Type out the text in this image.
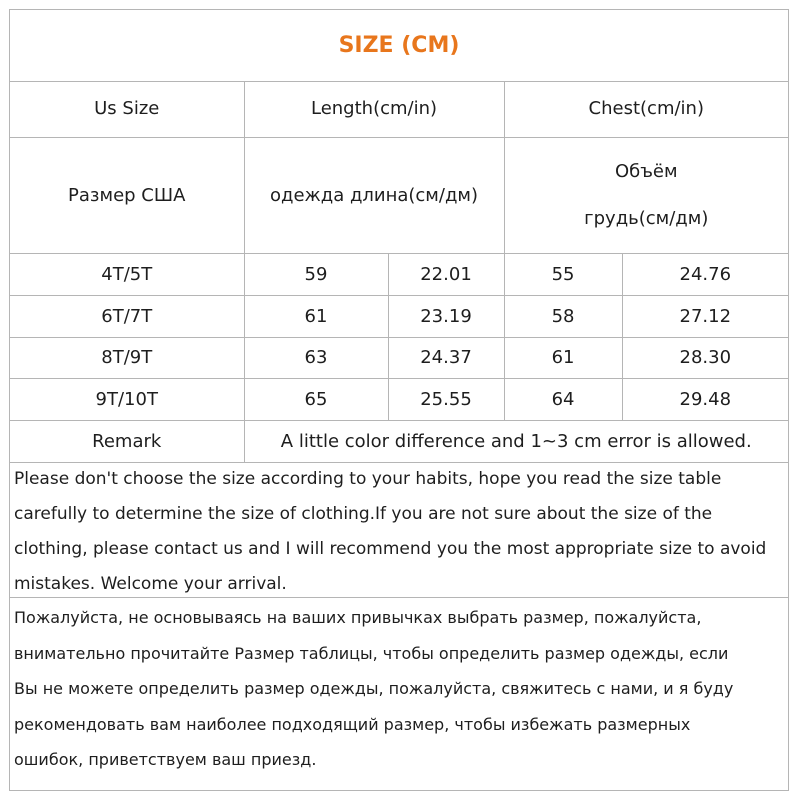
SIZE (CM)
Us Size	Length(cm/in)		Chest(cm/in)	
Размер США	одежда длина(см/дм)		Объём
грудь(см/дм)	

4T/5T	59	22.01	55	24.76
6T/7T	61	23.19	58	27.12
8T/9T	63	24.37	61	28.30
9T/10T	65	25.55	64	29.48
Remark	A little color difference and 1~3 cm error is allowed.			
Please don't choose the size according to your habits, hope you read the size table
carefully to determine the size of clothing.If you are not sure about the size of the
clothing, please contact us and I will recommend you the most appropriate size to avoid
mistakes. Welcome your arrival.
Пожалуйста, не основываясь на ваших привычках выбрать размер, пожалуйста,
внимательно прочитайте Размер таблицы, чтобы определить размер одежды, если
Вы не можете определить размер одежды, пожалуйста, свяжитесь с нами, и я буду
рекомендовать вам наиболее подходящий размер, чтобы избежать размерных
ошибок, приветствуем ваш приезд.
